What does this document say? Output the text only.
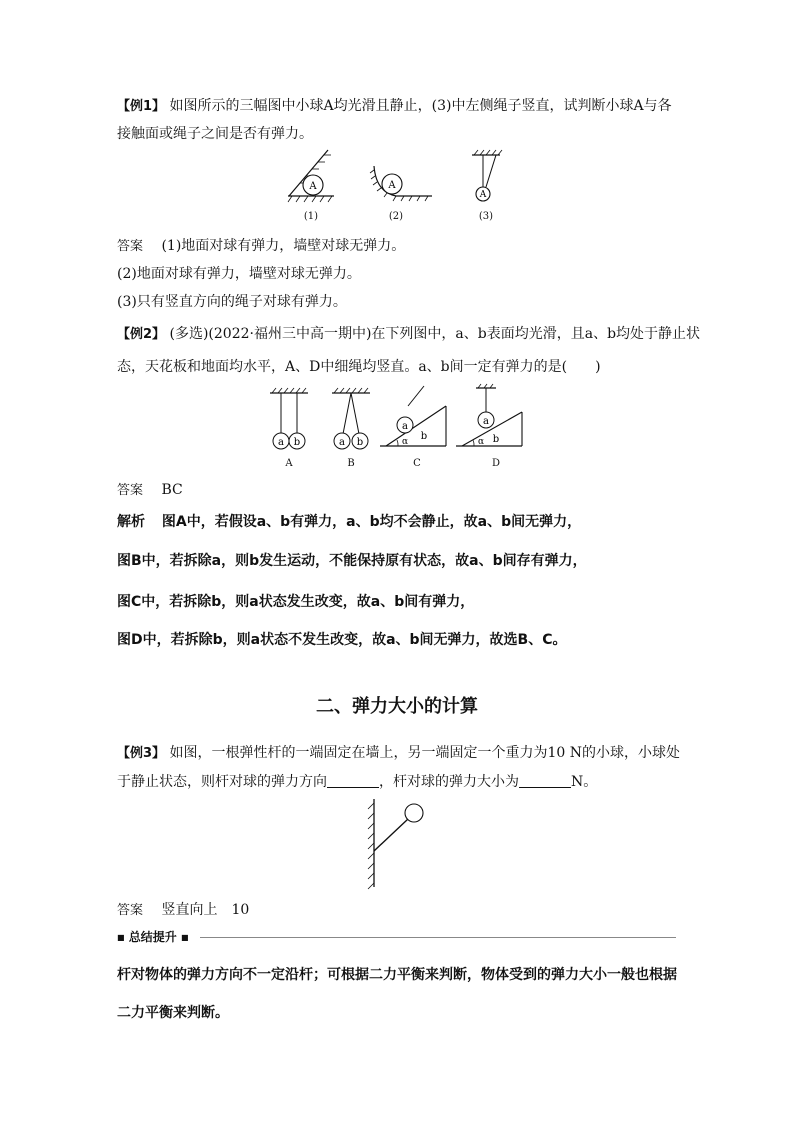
【例1】 如图所示的三幅图中小球A均光滑且静止，(3)中左侧绳子竖直，试判断小球A与各
接触面或绳子之间是否有弹力。
A
(1)
A
(2)
A
(3)
答案 (1)地面对球有弹力，墙壁对球无弹力。
(2)地面对球有弹力，墙壁对球无弹力。
(3)只有竖直方向的绳子对球有弹力。
【例2】 (多选)(2022·福州三中高一期中)在下列图中，a、b表面均光滑，且a、b均处于静止状
态，天花板和地面均水平，A、D中细绳均竖直。a、b间一定有弹力的是(　　)
a b
A
a b
B
a
b
α
C
a
b
α
D
答案 BC
解析 图A中，若假设a、b有弹力，a、b均不会静止，故a、b间无弹力，
图B中，若拆除a，则b发生运动，不能保持原有状态，故a、b间存有弹力，
图C中，若拆除b，则a状态发生改变，故a、b间有弹力，
图D中，若拆除b，则a状态不发生改变，故a、b间无弹力，故选B、C。
二、弹力大小的计算
【例3】 如图，一根弹性杆的一端固定在墙上，另一端固定一个重力为10 N的小球，小球处
于静止状态，则杆对球的弹力方向	，杆对球的弹力大小为	N。
答案 竖直向上　10
■ 总结提升 ■
杆对物体的弹力方向不一定沿杆；可根据二力平衡来判断，物体受到的弹力大小一般也根据
二力平衡来判断。
